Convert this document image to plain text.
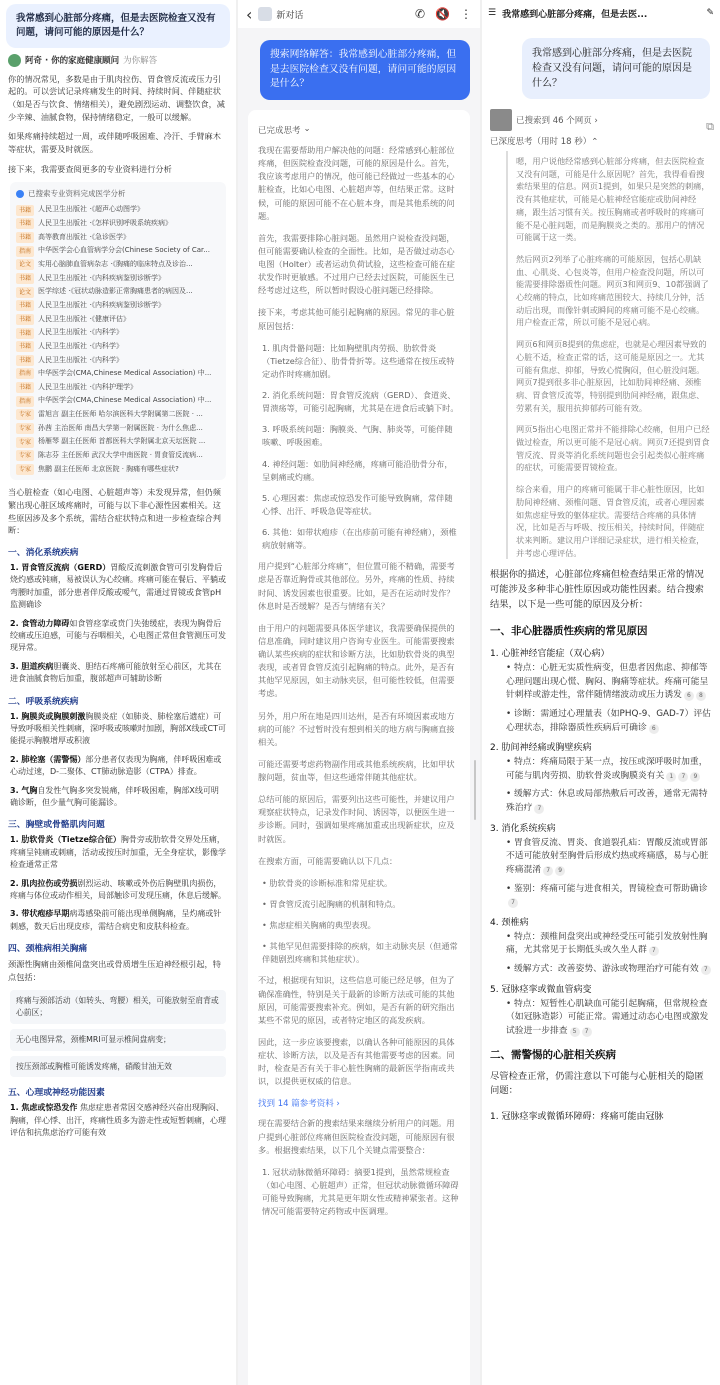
我常感到心脏部分疼痛，但是去医院检查又没有问题，请问可能的原因是什么？
阿奇 · 你的家庭健康顾问 为你解答
你的情况常见，多数是由于肌肉拉伤、胃食管反流或压力引起的。可以尝试记录疼痛发生的时间、持续时间、伴随症状（如是否与饮食、情绪相关），避免剧烈运动、调整饮食，减少辛辣、油腻食物，保持情绪稳定，一般可以缓解。
如果疼痛持续超过一周，或伴随呼吸困难、冷汗、手臂麻木等症状，需要及时就医。
接下来，我需要查阅更多的专业资料进行分析
已搜索专业资料完成医学分析
书籍	人民卫生出版社 ·《超声心动图学》
书籍	人民卫生出版社 ·《怎样识别呼吸系统疾病》
书籍	高等教育出版社 ·《急诊医学》
指南	中华医学会心血管病学分会(Chinese Society of Car...
论文	实用心脑肺血管病杂志 ·《胸痛的临床特点及诊治...
书籍	人民卫生出版社 ·《内科疾病鉴别诊断学》
论文	医学综述 ·《冠状动脉造影正常胸痛患者的病因及...
书籍	人民卫生出版社 ·《内科疾病鉴别诊断学》
书籍	人民卫生出版社 ·《健康评估》
书籍	人民卫生出版社 ·《内科学》
书籍	人民卫生出版社 ·《内科学》
书籍	人民卫生出版社 ·《内科学》
指南	中华医学会(CMA,Chinese Medical Association) 中...
书籍	人民卫生出版社 ·《内科护理学》
指南	中华医学会(CMA,Chinese Medical Association) 中...
专家	雷旭言 副主任医师 哈尔滨医科大学附属第二医院 · ...
专家	孙茜 主治医师 南昌大学第一附属医院 · 为什么焦虑...
专家	杨雁琴 副主任医师 首都医科大学附属北京天坛医院 ...
专家	陈志芬 主任医师 武汉大学中南医院 · 胃食管反流病...
专家	焦鹏 副主任医师 北京医院 · 胸痛有哪些症状?
当心脏检查（如心电图、心脏超声等）未发现异常，但仍频繁出现心脏区域疼痛时，可能与以下非心源性因素相关。这些原因涉及多个系统，需结合症状特点和进一步检查综合判断：
一、消化系统疾病
1. 胃食管反流病（GERD）胃酸反流刺激食管可引发胸骨后烧灼感或钝痛，易被误认为心绞痛。疼痛可能在餐后、平躺或弯腰时加重，部分患者伴反酸或嗳气，需通过胃镜或食管pH监测确诊
2. 食管动力障碍如食管痉挛或贲门失弛缓症，表现为胸骨后绞痛或压迫感，可能与吞咽相关，心电图正常但食管测压可发现异常。
3. 胆道疾病胆囊炎、胆结石疼痛可能放射至心前区，尤其在进食油腻食物后加重，腹部超声可辅助诊断
二、呼吸系统疾病
1. 胸膜炎或胸膜刺激胸膜炎症（如肺炎、肺栓塞后遗症）可导致呼吸相关性刺痛，深呼吸或咳嗽时加剧，胸部X线或CT可能提示胸膜增厚或积液
2. 肺栓塞（需警惕）部分患者仅表现为胸痛，伴呼吸困难或心动过速，D-二聚体、CT肺动脉造影（CTPA）排查。
3. 气胸自发性气胸多突发锐痛，伴呼吸困难，胸部X线可明确诊断，但少量气胸可能漏诊。
三、胸壁或骨骼肌肉问题
1. 肋软骨炎（Tietze综合征）胸骨旁或肋软骨交界处压痛，疼痛呈钝痛或刺痛，活动或按压时加重，无全身症状，影像学检查通常正常
2. 肌肉拉伤或劳损剧烈运动、咳嗽或外伤后胸壁肌肉损伤，疼痛与体位或动作相关，局部触诊可发现压痛，休息后缓解。
3. 带状疱疹早期病毒感染前可能出现单侧胸痛，呈灼痛或针刺感，数天后出现皮疹，需结合病史和皮肤科检查。
四、颈椎病相关胸痛
颈源性胸痛由颈椎间盘突出或骨质增生压迫神经根引起，特点包括：
疼痛与颈部活动（如转头、弯腰）相关，可能放射至肩背或心前区；
无心电图异常，颈椎MRI可显示椎间盘病变；
按压颈部或胸椎可能诱发疼痛，硝酸甘油无效
五、心理或神经功能因素
1. 焦虑或惊恐发作 焦虑症患者常因交感神经兴奋出现胸闷、胸痛，伴心悸、出汗，疼痛性质多为游走性或短暂刺痛，心理评估和抗焦虑治疗可能有效
‹	新对话	✆ 🔇 ⋮
搜索网络解答：我常感到心脏部分疼痛，但是去医院检查又没有问题，请问可能的原因是什么？
已完成思考 ⌄
我现在需要帮助用户解决他的问题：经常感到心脏部位疼痛，但医院检查没问题，可能的原因是什么。首先，我应该考虑用户的情况，他可能已经做过一些基本的心脏检查，比如心电图、心脏超声等，但结果正常。这时候，可能的原因可能不在心脏本身，而是其他系统的问题。
首先，我需要排除心脏问题。虽然用户说检查没问题，但可能需要确认检查的全面性。比如，是否做过动态心电图（Holter）或者运动负荷试验，这些检查可能在症状发作时更敏感。不过用户已经去过医院，可能医生已经考虑过这些，所以暂时假设心脏问题已经排除。
接下来，考虑其他可能引起胸痛的原因。常见的非心脏原因包括：
1. 肌肉骨骼问题：比如胸壁肌肉劳损、肋软骨炎（Tietze综合征）、肋骨骨折等。这些通常在按压或特定动作时疼痛加剧。
2. 消化系统问题：胃食管反流病（GERD）、食道炎、胃溃疡等，可能引起胸痛，尤其是在进食后或躺下时。
3. 呼吸系统问题：胸膜炎、气胸、肺炎等，可能伴随咳嗽、呼吸困难。
4. 神经问题：如肋间神经痛，疼痛可能沿肋骨分布，呈刺痛或灼痛。
5. 心理因素：焦虑或惊恐发作可能导致胸痛，常伴随心悸、出汗、呼吸急促等症状。
6. 其他：如带状疱疹（在出疹前可能有神经痛），颈椎病放射痛等。
用户提到“心脏部分疼痛”，但位置可能不精确，需要考虑是否靠近胸骨或其他部位。另外，疼痛的性质、持续时间、诱发因素也很重要。比如，是否在运动时发作？休息时是否缓解？是否与情绪有关？
由于用户的问题需要具体医学建议，我需要确保提供的信息准确，同时建议用户咨询专业医生。可能需要搜索确认某些疾病的症状和诊断方法，比如肋软骨炎的典型表现，或者胃食管反流引起胸痛的特点。此外，是否有其他罕见原因，如主动脉夹层，但可能性较低，但需要考虑。
另外，用户所在地是四川达州，是否有环境因素或地方病的可能？不过暂时没有想到相关的地方病与胸痛直接相关。
可能还需要考虑药物副作用或其他系统疾病，比如甲状腺问题，贫血等，但这些通常伴随其他症状。
总结可能的原因后，需要列出这些可能性，并建议用户观察症状特点，记录发作时间、诱因等，以便医生进一步诊断。同时，强调如果疼痛加重或出现新症状，应及时就医。
在搜索方面，可能需要确认以下几点：
• 肋软骨炎的诊断标准和常见症状。
• 胃食管反流引起胸痛的机制和特点。
• 焦虑症相关胸痛的典型表现。
• 其他罕见但需要排除的疾病，如主动脉夹层（但通常伴随剧烈疼痛和其他症状）。
不过，根据现有知识，这些信息可能已经足够，但为了确保准确性，特别是关于最新的诊断方法或可能的其他原因，可能需要搜索补充。例如，是否有新的研究指出某些不常见的原因，或者特定地区的高发疾病。
因此，这一步应该要搜索，以确认各种可能原因的具体症状、诊断方法，以及是否有其他需要考虑的因素。同时，检查是否有关于非心脏性胸痛的最新医学指南或共识，以提供更权威的信息。
找到 14 篇参考资料 ›
现在需要结合新的搜索结果来继续分析用户的问题。用户提到心脏部位疼痛但医院检查没问题，可能原因有很多。根据搜索结果，以下几个关键点需要整合：
1. 冠状动脉微循环障碍：摘要1提到，虽然常规检查（如心电图、心脏超声）正常，但冠状动脉微循环障碍可能导致胸痛，尤其是更年期女性或精神紧张者。这种情况可能需要特定药物或中医调理。
☰ 我常感到心脏部分疼痛，但是去医...	✎
我常感到心脏部分疼痛，但是去医院检查又没有问题，请问可能的原因是什么？
已搜索到 46 个网页 ›
已深度思考（用时 18 秒）⌃

嗯，用户说他经常感到心脏部分疼痛，但去医院检查又没有问题，可能是什么原因呢？首先，我得看看搜索结果里的信息。网页1提到，如果只是突然的刺痛，没有其他症状，可能是心脏神经官能症或肋间神经痛，跟生活习惯有关。按压胸痛或者呼吸时的疼痛可能不是心脏问题，而是胸膜炎之类的。那用户的情况可能属于这一类。

然后网页2列举了心脏疼痛的可能原因，包括心肌缺血、心肌炎、心包炎等，但用户检查没问题，所以可能需要排除器质性问题。网页3和网页9、10都强调了心绞痛的特点，比如疼痛范围较大、持续几分钟，活动后出现，而像针刺或瞬间的疼痛可能不是心绞痛。用户检查正常，所以可能不是冠心病。

网页6和网页8提到的焦虑症，也就是心理因素导致的心脏不适，检查正常的话，这可能是原因之一。尤其可能有焦虑、抑郁，导致心慌胸闷，但心脏没问题。网页7提到很多非心脏原因，比如肋间神经痛、颈椎病、胃食管反流等，特别提到肋间神经痛，跟焦虑、劳累有关，服用抗抑郁药可能有效。

网页5指出心电图正常并不能排除心绞痛，但用户已经做过检查，所以更可能不是冠心病。网页7还提到胃食管反流、胃炎等消化系统问题也会引起类似心脏疼痛的症状，可能需要胃镜检查。

综合来看，用户的疼痛可能属于非心脏性原因，比如肋间神经痛、颈椎问题、胃食管反流，或者心理因素如焦虑症导致的躯体症状。需要结合疼痛的具体情况，比如是否与呼吸、按压相关，持续时间，伴随症状来判断。建议用户详细记录症状，进行相关检查，并考虑心理评估。

根据你的描述，心脏部位疼痛但检查结果正常的情况可能涉及多种非心脏性原因或功能性因素。结合搜索结果，以下是一些可能的原因及分析：
一、非心脏器质性疾病的常见原因
1. 心脏神经官能症（双心病）
• 特点：心脏无实质性病变，但患者因焦虑、抑郁等心理问题出现心慌、胸闷、胸痛等症状。疼痛可能呈针刺样或游走性，常伴随情绪波动或压力诱发 6 8
• 诊断：需通过心理量表（如PHQ-9、GAD-7）评估心理状态，排除器质性疾病后可确诊 6
2. 肋间神经痛或胸壁疾病
• 特点：疼痛局限于某一点，按压或深呼吸时加重，可能与肌肉劳损、肋软骨炎或胸膜炎有关 1 7 9
• 缓解方式：休息或局部热敷后可改善，通常无需特殊治疗 7
3. 消化系统疾病
• 胃食管反流、胃炎、食道裂孔疝：胃酸反流或胃部不适可能放射至胸骨后形成灼热或疼痛感，易与心脏疼痛混淆 7 9
• 鉴别：疼痛可能与进食相关，胃镜检查可帮助确诊7
4. 颈椎病
• 特点：颈椎间盘突出或神经受压可能引发放射性胸痛，尤其常见于长期低头或久坐人群 7
• 缓解方式：改善姿势、游泳或物理治疗可能有效 7
5. 冠脉痉挛或微血管病变
• 特点：短暂性心肌缺血可能引起胸痛，但常规检查（如冠脉造影）可能正常。需通过动态心电图或激发试验进一步排查 5 7
二、需警惕的心脏相关疾病
尽管检查正常，仍需注意以下可能与心脏相关的隐匿问题：
1. 冠脉痉挛或微循环障碍：疼痛可能由冠脉
⧉
